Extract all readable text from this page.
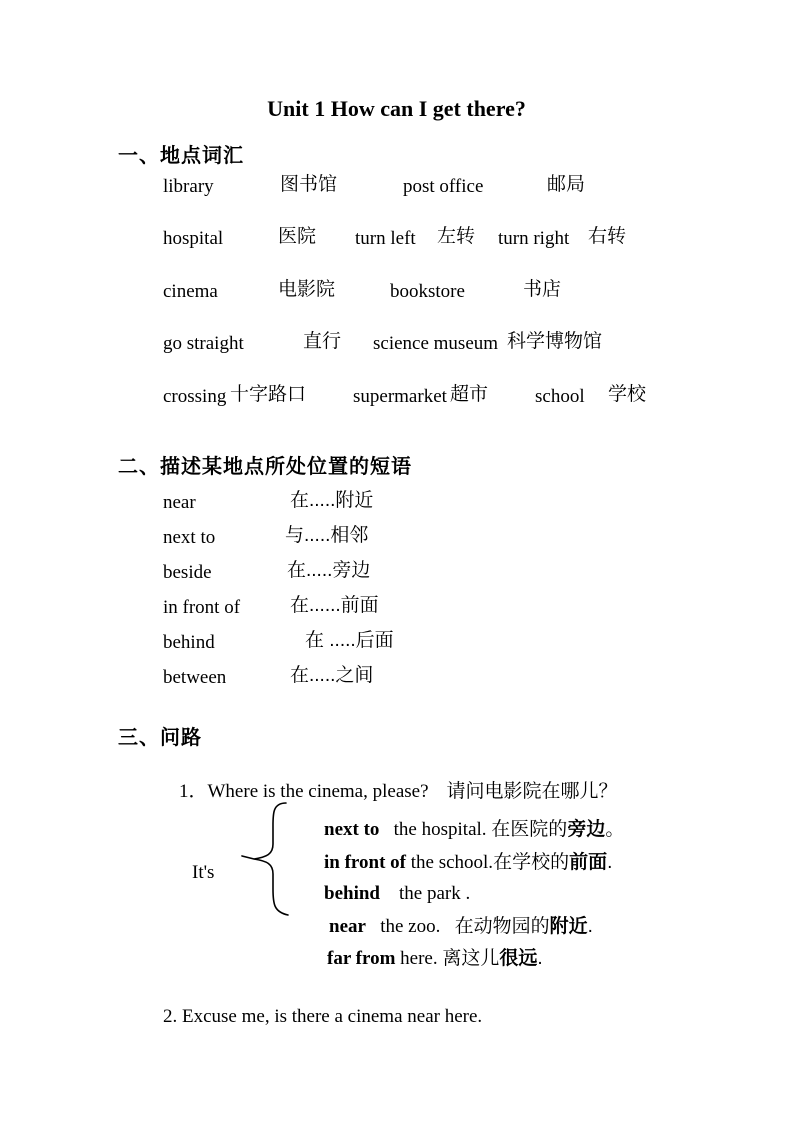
Unit 1 How can I get there?
一、地点词汇
library	图书馆	post office	邮局
hospital	医院 turn left 左转 turn right 右转
cinema	电影院	bookstore	书店
go straight	直行 science museum 科学博物馆
crossing 十字路口 supermarket 超市 school 学校
二、描述某地点所处位置的短语
near	在.....附近
next to	与.....相邻
beside	在.....旁边
in front of	在......前面
behind	在 .....后面
between	在.....之间
三、问路

1．Where is the cinema, please? 请问电影院在哪儿？

It's

next to   the hospital. 在医院的旁边。

in front of the school.在学校的前面.

behind    the park .

near   the zoo.   在动物园的附近.

far from here. 离这儿很远.

2. Excuse me, is there a cinema near here.
